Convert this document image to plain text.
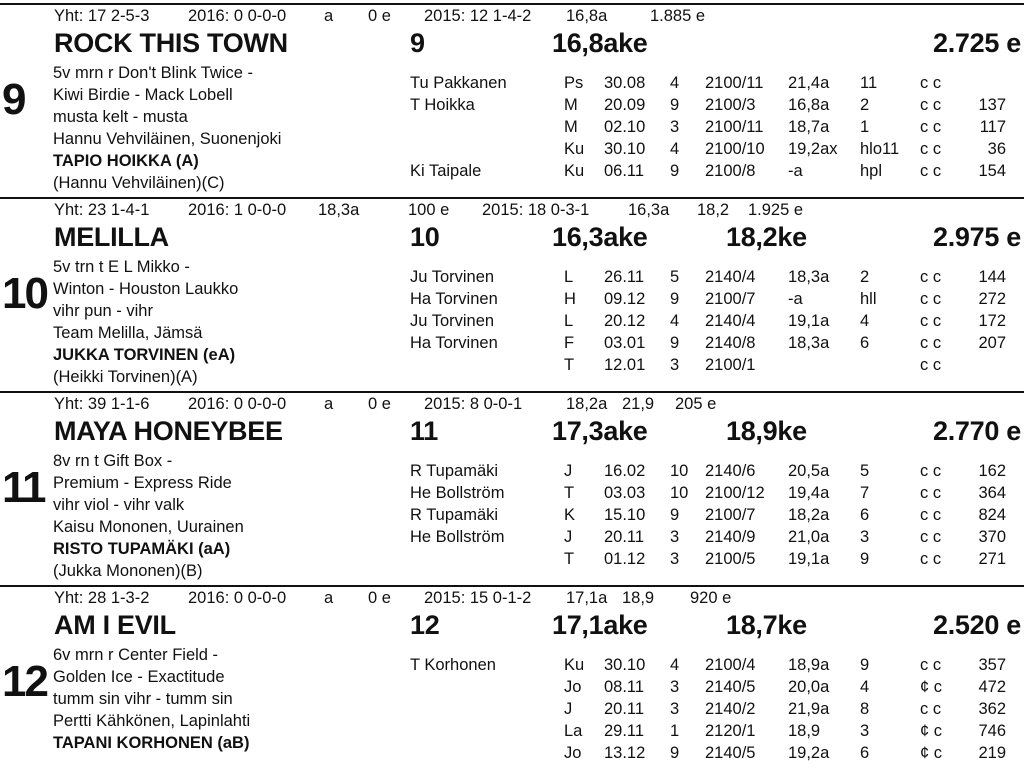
Yht: 17 2-5-3 2016: 0 0-0-0 a 0 e 2015: 12 1-4-2 16,8a	1.885 e
ROCK THIS TOWN	9	16,8ake	2.725 e
9
5v mrn r Don't Blink Twice -
Kiwi Birdie - Mack Lobell
musta kelt - musta
Hannu Vehviläinen, Suonenjoki
TAPIO HOIKKA (A)
(Hannu Vehviläinen)(C)
Tu Pakkanen	Ps 30.08 4 2100/11 21,4a 11	c c
T Hoikka	M 20.09 9 2100/3 16,8a 2	c c 137
M 02.10 3 2100/11 18,7a 1	c c 117
Ku 30.10 4 2100/10 19,2ax hlo11 c c	36
Ki Taipale	Ku 06.11 9 2100/8 -a	hpl c c 154
Yht: 23 1-4-1 2016: 1 0-0-0 18,3a	100 e 2015: 18 0-3-1 16,3a 18,2 1.925 e
MELILLA	10	16,3ake	18,2ke	2.975 e
10
5v trn t E L Mikko -
Winton - Houston Laukko
vihr pun - vihr
Team Melilla, Jämsä
JUKKA TORVINEN (eA)
(Heikki Torvinen)(A)
Ju Torvinen	L 26.11 5 2140/4 18,3a 2	c c 144
Ha Torvinen	H 09.12 9 2100/7 -a	hll	c c 272
Ju Torvinen	L 20.12 4 2140/4 19,1a 4	c c 172
Ha Torvinen	F 03.01 9 2140/8 18,3a 6	c c 207
T 12.01 3 2100/1	c c
Yht: 39 1-1-6 2016: 0 0-0-0 a 0 e 2015: 8 0-0-1	18,2a 21,9 205 e
MAYA HONEYBEE	11	17,3ake	18,9ke	2.770 e
11
8v rn t Gift Box -
Premium - Express Ride
vihr viol - vihr valk
Kaisu Mononen, Uurainen
RISTO TUPAMÄKI (aA)
(Jukka Mononen)(B)
R Tupamäki	J 16.02 10 2140/6 20,5a 5	c c 162
He Bollström	T 03.03 10 2100/12 19,4a 7	c c 364
R Tupamäki	K 15.10 9 2100/7 18,2a 6	c c 824
He Bollström	J 20.11 3 2140/9 21,0a 3	c c 370
T 01.12 3 2100/5 19,1a 9	c c 271
Yht: 28 1-3-2 2016: 0 0-0-0 a 0 e 2015: 15 0-1-2 17,1a 18,9 920 e
AM I EVIL	12	17,1ake	18,7ke	2.520 e
12
6v mrn r Center Field -
Golden Ice - Exactitude
tumm sin vihr - tumm sin
Pertti Kähkönen, Lapinlahti
TAPANI KORHONEN (aB)
T Korhonen	Ku 30.10 4 2100/4 18,9a 9	c c 357
Jo 08.11 3 2140/5 20,0a 4	¢ c 472
J 20.11 3 2140/2 21,9a 8	c c 362
La 29.11 1 2120/1 18,9 3	¢ c 746
Jo 13.12 9 2140/5 19,2a 6	¢ c 219
